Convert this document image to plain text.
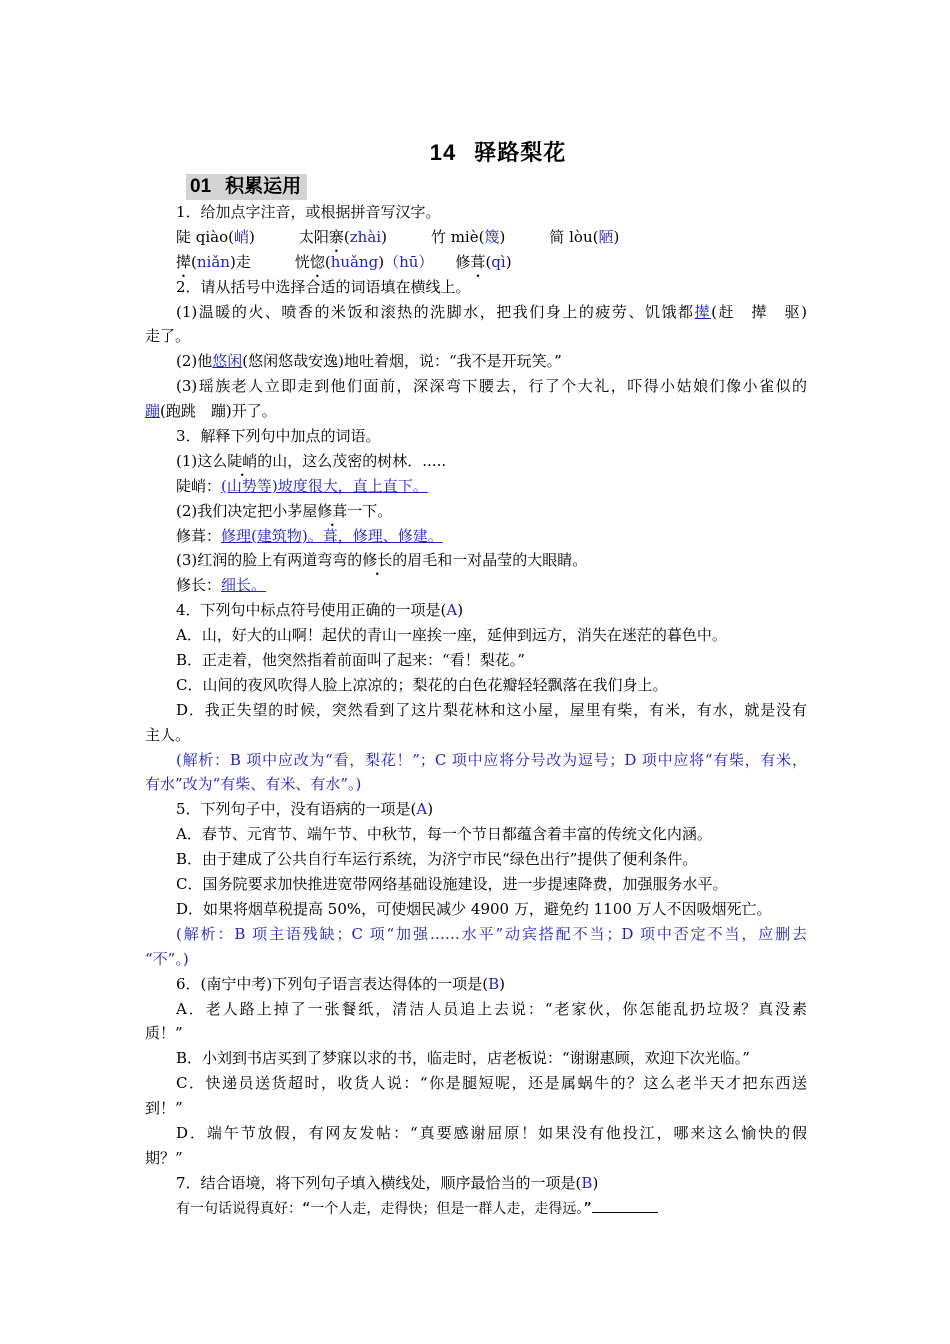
14 驿路梨花
01 积累运用
1．给加点字注音，或根据拼音写汉字。
陡 qiào(峭)	太阳寨(zhài)	竹 miè(篾)	简 lòu(陋)
撵(niǎn)走	恍惚(huǎng)（hū） 修葺(qì)
2．请从括号中选择合适的词语填在横线上。
(1)温暖的火、喷香的米饭和滚热的洗脚水，把我们身上的疲劳、饥饿都撵(赶　撵　驱)
走了。
(2)他悠闲(悠闲悠哉安逸)地吐着烟，说：“我不是开玩笑。”
(3)瑶族老人立即走到他们面前，深深弯下腰去，行了个大礼，吓得小姑娘们像小雀似的
蹦(跑跳　蹦)开了。
3．解释下列句中加点的词语。
(1)这么陡峭的山，这么茂密的树林．.....
陡峭：(山势等)坡度很大，直上直下。
(2)我们决定把小茅屋修葺一下。
修葺：修理(建筑物)。葺，修理、修建。
(3)红润的脸上有两道弯弯的修长的眉毛和一对晶莹的大眼睛。
修长：细长。
4．下列句中标点符号使用正确的一项是(A)
A．山，好大的山啊！起伏的青山一座挨一座，延伸到远方，消失在迷茫的暮色中。
B．正走着，他突然指着前面叫了起来：“看！梨花。”
C．山间的夜风吹得人脸上凉凉的；梨花的白色花瓣轻轻飘落在我们身上。
D．我正失望的时候，突然看到了这片梨花林和这小屋，屋里有柴，有米，有水，就是没有
主人。
(解析：B 项中应改为“看，梨花！”；C 项中应将分号改为逗号；D 项中应将“有柴，有米，
有水”改为“有柴、有米、有水”。)
5．下列句子中，没有语病的一项是(A)
A．春节、元宵节、端午节、中秋节，每一个节日都蕴含着丰富的传统文化内涵。
B．由于建成了公共自行车运行系统，为济宁市民“绿色出行”提供了便利条件。
C．国务院要求加快推进宽带网络基础设施建设，进一步提速降费，加强服务水平。
D．如果将烟草税提高 50%，可使烟民减少 4900 万，避免约 1100 万人不因吸烟死亡。
(解析：B 项主语残缺；C 项“加强……水平”动宾搭配不当；D 项中否定不当，应删去
“不”。)
6．(南宁中考)下列句子语言表达得体的一项是(B)
A．老人路上掉了一张餐纸，清洁人员追上去说：“老家伙，你怎能乱扔垃圾？真没素
质！”
B．小刘到书店买到了梦寐以求的书，临走时，店老板说：“谢谢惠顾，欢迎下次光临。”
C．快递员送货超时，收货人说：“你是腿短呢，还是属蜗牛的？这么老半天才把东西送
到！”
D．端午节放假，有网友发帖：“真要感谢屈原！如果没有他投江，哪来这么愉快的假
期？”
7．结合语境，将下列句子填入横线处，顺序最恰当的一项是(B)
有一句话说得真好：“一个人走，走得快；但是一群人走，走得远。”
